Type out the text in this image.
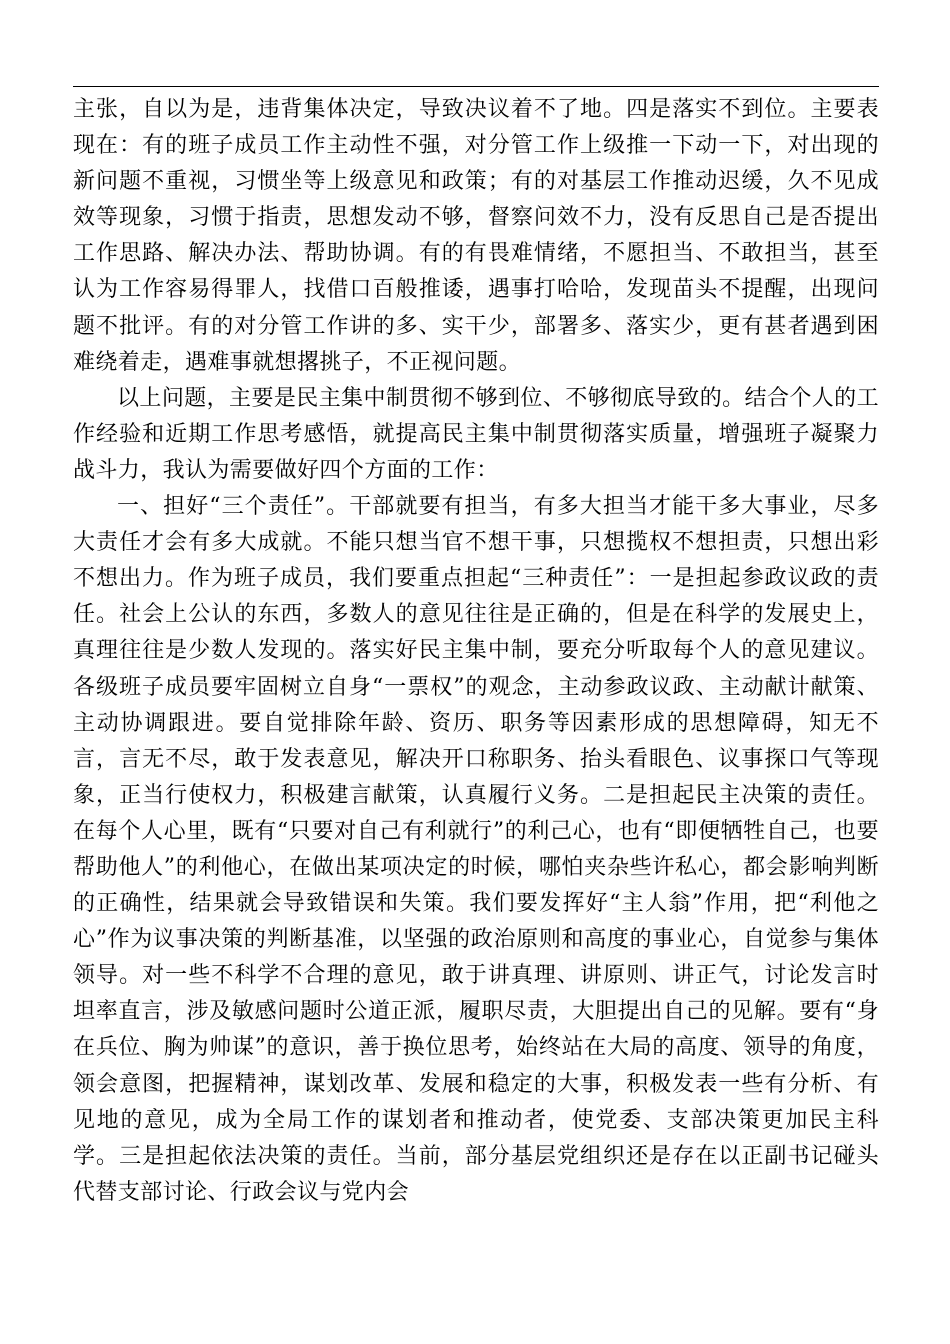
主张，自以为是，违背集体决定，导致决议着不了地。四是落实不到位。主要表现在：有的班子成员工作主动性不强，对分管工作上级推一下动一下，对出现的新问题不重视，习惯坐等上级意见和政策；有的对基层工作推动迟缓，久不见成效等现象，习惯于指责，思想发动不够，督察问效不力，没有反思自己是否提出工作思路、解决办法、帮助协调。有的有畏难情绪，不愿担当、不敢担当，甚至认为工作容易得罪人，找借口百般推诿，遇事打哈哈，发现苗头不提醒，出现问题不批评。有的对分管工作讲的多、实干少，部署多、落实少，更有甚者遇到困难绕着走，遇难事就想撂挑子，不正视问题。

以上问题，主要是民主集中制贯彻不够到位、不够彻底导致的。结合个人的工作经验和近期工作思考感悟，就提高民主集中制贯彻落实质量，增强班子凝聚力战斗力，我认为需要做好四个方面的工作：

一、担好“三个责任”。干部就要有担当，有多大担当才能干多大事业，尽多大责任才会有多大成就。不能只想当官不想干事，只想揽权不想担责，只想出彩不想出力。作为班子成员，我们要重点担起“三种责任”：一是担起参政议政的责任。社会上公认的东西，多数人的意见往往是正确的，但是在科学的发展史上，真理往往是少数人发现的。落实好民主集中制，要充分听取每个人的意见建议。各级班子成员要牢固树立自身“一票权”的观念，主动参政议政、主动献计献策、主动协调跟进。要自觉排除年龄、资历、职务等因素形成的思想障碍，知无不言，言无不尽，敢于发表意见，解决开口称职务、抬头看眼色、议事探口气等现象，正当行使权力，积极建言献策，认真履行义务。二是担起民主决策的责任。在每个人心里，既有“只要对自己有利就行”的利己心，也有“即便牺牲自己，也要帮助他人”的利他心，在做出某项决定的时候，哪怕夹杂些许私心，都会影响判断的正确性，结果就会导致错误和失策。我们要发挥好“主人翁”作用，把“利他之心”作为议事决策的判断基准，以坚强的政治原则和高度的事业心，自觉参与集体领导。对一些不科学不合理的意见，敢于讲真理、讲原则、讲正气，讨论发言时坦率直言，涉及敏感问题时公道正派，履职尽责，大胆提出自己的见解。要有“身在兵位、胸为帅谋”的意识，善于换位思考，始终站在大局的高度、领导的角度，领会意图，把握精神，谋划改革、发展和稳定的大事，积极发表一些有分析、有见地的意见，成为全局工作的谋划者和推动者，使党委、支部决策更加民主科学。三是担起依法决策的责任。当前，部分基层党组织还是存在以正副书记碰头代替支部讨论、行政会议与党内会
